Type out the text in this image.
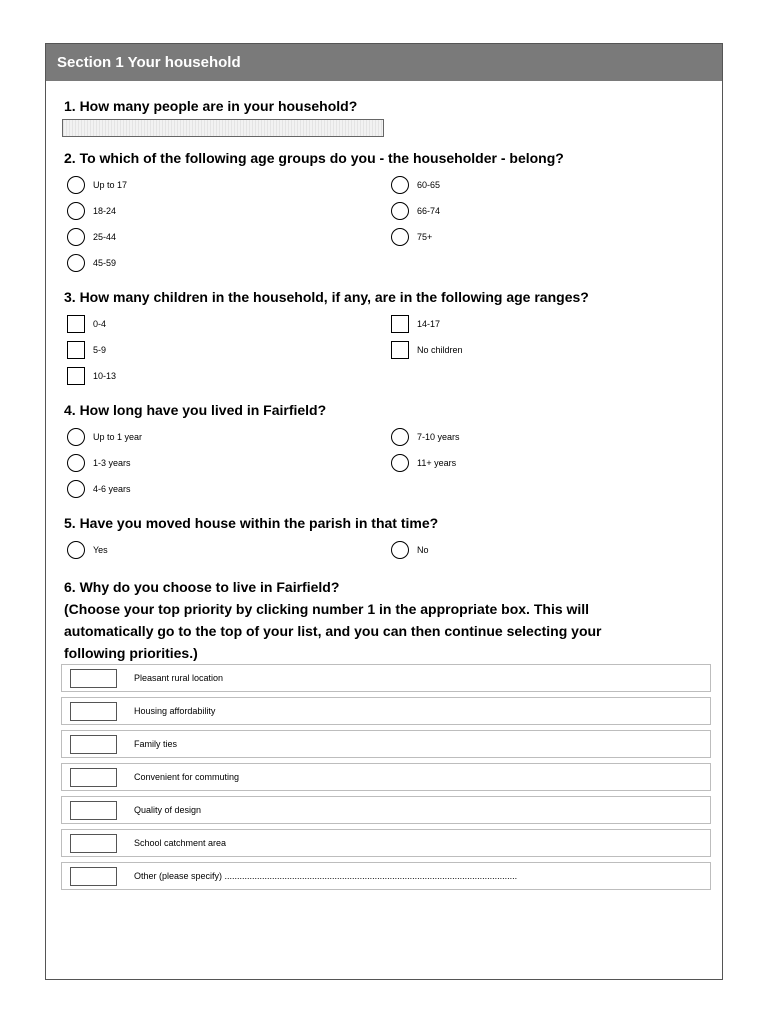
Section 1 Your household
1. How many people are in your household?
2. To which of the following age groups do you - the householder - belong?
Up to 17
18-24
25-44
45-59
60-65
66-74
75+
3. How many children in the household, if any, are in the following age ranges?
0-4
5-9
10-13
14-17
No children
4. How long have you lived in Fairfield?
Up to 1 year
1-3 years
4-6 years
7-10 years
11+ years
5. Have you moved house within the parish in that time?
Yes	No
6. Why do you choose to live in Fairfield?
(Choose your top priority by clicking number 1 in the appropriate box. This will
automatically go to the top of your list, and you can then continue selecting your
following priorities.)
Pleasant rural location
Housing affordability
Family ties
Convenient for commuting
Quality of design
School catchment area
Other (please specify) .....................................................................................................................
